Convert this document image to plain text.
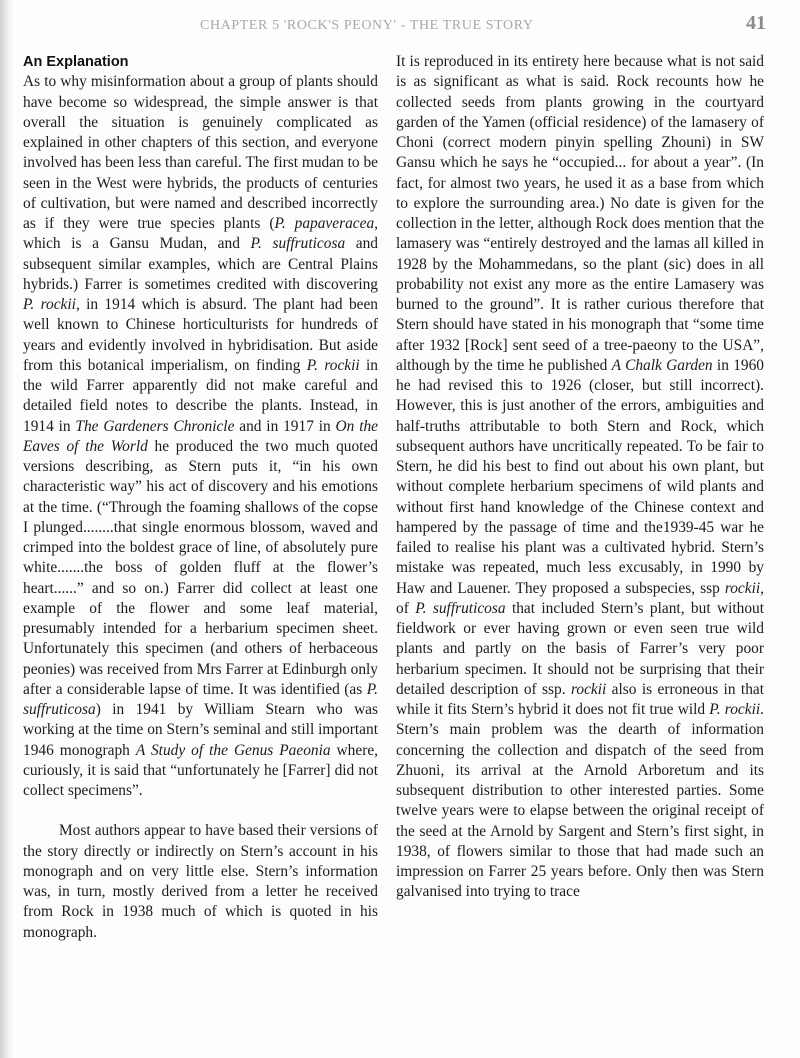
CHAPTER 5 'ROCK'S PEONY' - THE TRUE STORY	41
An Explanation

As to why misinformation about a group of plants should have become so widespread, the simple answer is that overall the situation is genuinely complicated as explained in other chapters of this section, and everyone involved has been less than careful. The first mudan to be seen in the West were hybrids, the products of centuries of cultivation, but were named and described incorrectly as if they were true species plants (P. papaveracea, which is a Gansu Mudan, and P. suffruticosa and subsequent similar examples, which are Central Plains hybrids.) Farrer is sometimes credited with discovering P. rockii, in 1914 which is absurd. The plant had been well known to Chinese horticulturists for hundreds of years and evidently involved in hybridisation. But aside from this botanical imperialism, on finding P. rockii in the wild Farrer apparently did not make careful and detailed field notes to describe the plants. Instead, in 1914 in The Gardeners Chronicle and in 1917 in On the Eaves of the World he produced the two much quoted versions describing, as Stern puts it, “in his own characteristic way” his act of discovery and his emotions at the time. (“Through the foaming shallows of the copse I plunged........that single enormous blossom, waved and crimped into the boldest grace of line, of absolutely pure white.......the boss of golden fluff at the flower’s heart......” and so on.) Farrer did collect at least one example of the flower and some leaf material, presumably intended for a herbarium specimen sheet. Unfortunately this specimen (and others of herbaceous peonies) was received from Mrs Farrer at Edinburgh only after a considerable lapse of time. It was identified (as P. suffruticosa) in 1941 by William Stearn who was working at the time on Stern’s seminal and still important 1946 monograph A Study of the Genus Paeonia where, curiously, it is said that “unfortunately he [Farrer] did not collect specimens”.

Most authors appear to have based their versions of the story directly or indirectly on Stern’s account in his monograph and on very little else. Stern’s information was, in turn, mostly derived from a letter he received from Rock in 1938 much of which is quoted in his monograph.

It is reproduced in its entirety here because what is not said is as significant as what is said. Rock recounts how he collected seeds from plants growing in the courtyard garden of the Yamen (official residence) of the lamasery of Choni (correct modern pinyin spelling Zhouni) in SW Gansu which he says he “occupied... for about a year”. (In fact, for almost two years, he used it as a base from which to explore the surrounding area.) No date is given for the collection in the letter, although Rock does mention that the lamasery was “entirely destroyed and the lamas all killed in 1928 by the Mohammedans, so the plant (sic) does in all probability not exist any more as the entire Lamasery was burned to the ground”. It is rather curious therefore that Stern should have stated in his monograph that “some time after 1932 [Rock] sent seed of a tree-paeony to the USA”, although by the time he published A Chalk Garden in 1960 he had revised this to 1926 (closer, but still incorrect). However, this is just another of the errors, ambiguities and half-truths attributable to both Stern and Rock, which subsequent authors have uncritically repeated. To be fair to Stern, he did his best to find out about his own plant, but without complete herbarium specimens of wild plants and without first hand knowledge of the Chinese context and hampered by the passage of time and the1939-45 war he failed to realise his plant was a cultivated hybrid. Stern’s mistake was repeated, much less excusably, in 1990 by Haw and Lauener. They proposed a subspecies, ssp rockii, of P. suffruticosa that included Stern’s plant, but without fieldwork or ever having grown or even seen true wild plants and partly on the basis of Farrer’s very poor herbarium specimen. It should not be surprising that their detailed description of ssp. rockii also is erroneous in that while it fits Stern’s hybrid it does not fit true wild P. rockii. Stern’s main problem was the dearth of information concerning the collection and dispatch of the seed from Zhuoni, its arrival at the Arnold Arboretum and its subsequent distribution to other interested parties. Some twelve years were to elapse between the original receipt of the seed at the Arnold by Sargent and Stern’s first sight, in 1938, of flowers similar to those that had made such an impression on Farrer 25 years before. Only then was Stern galvanised into trying to trace
